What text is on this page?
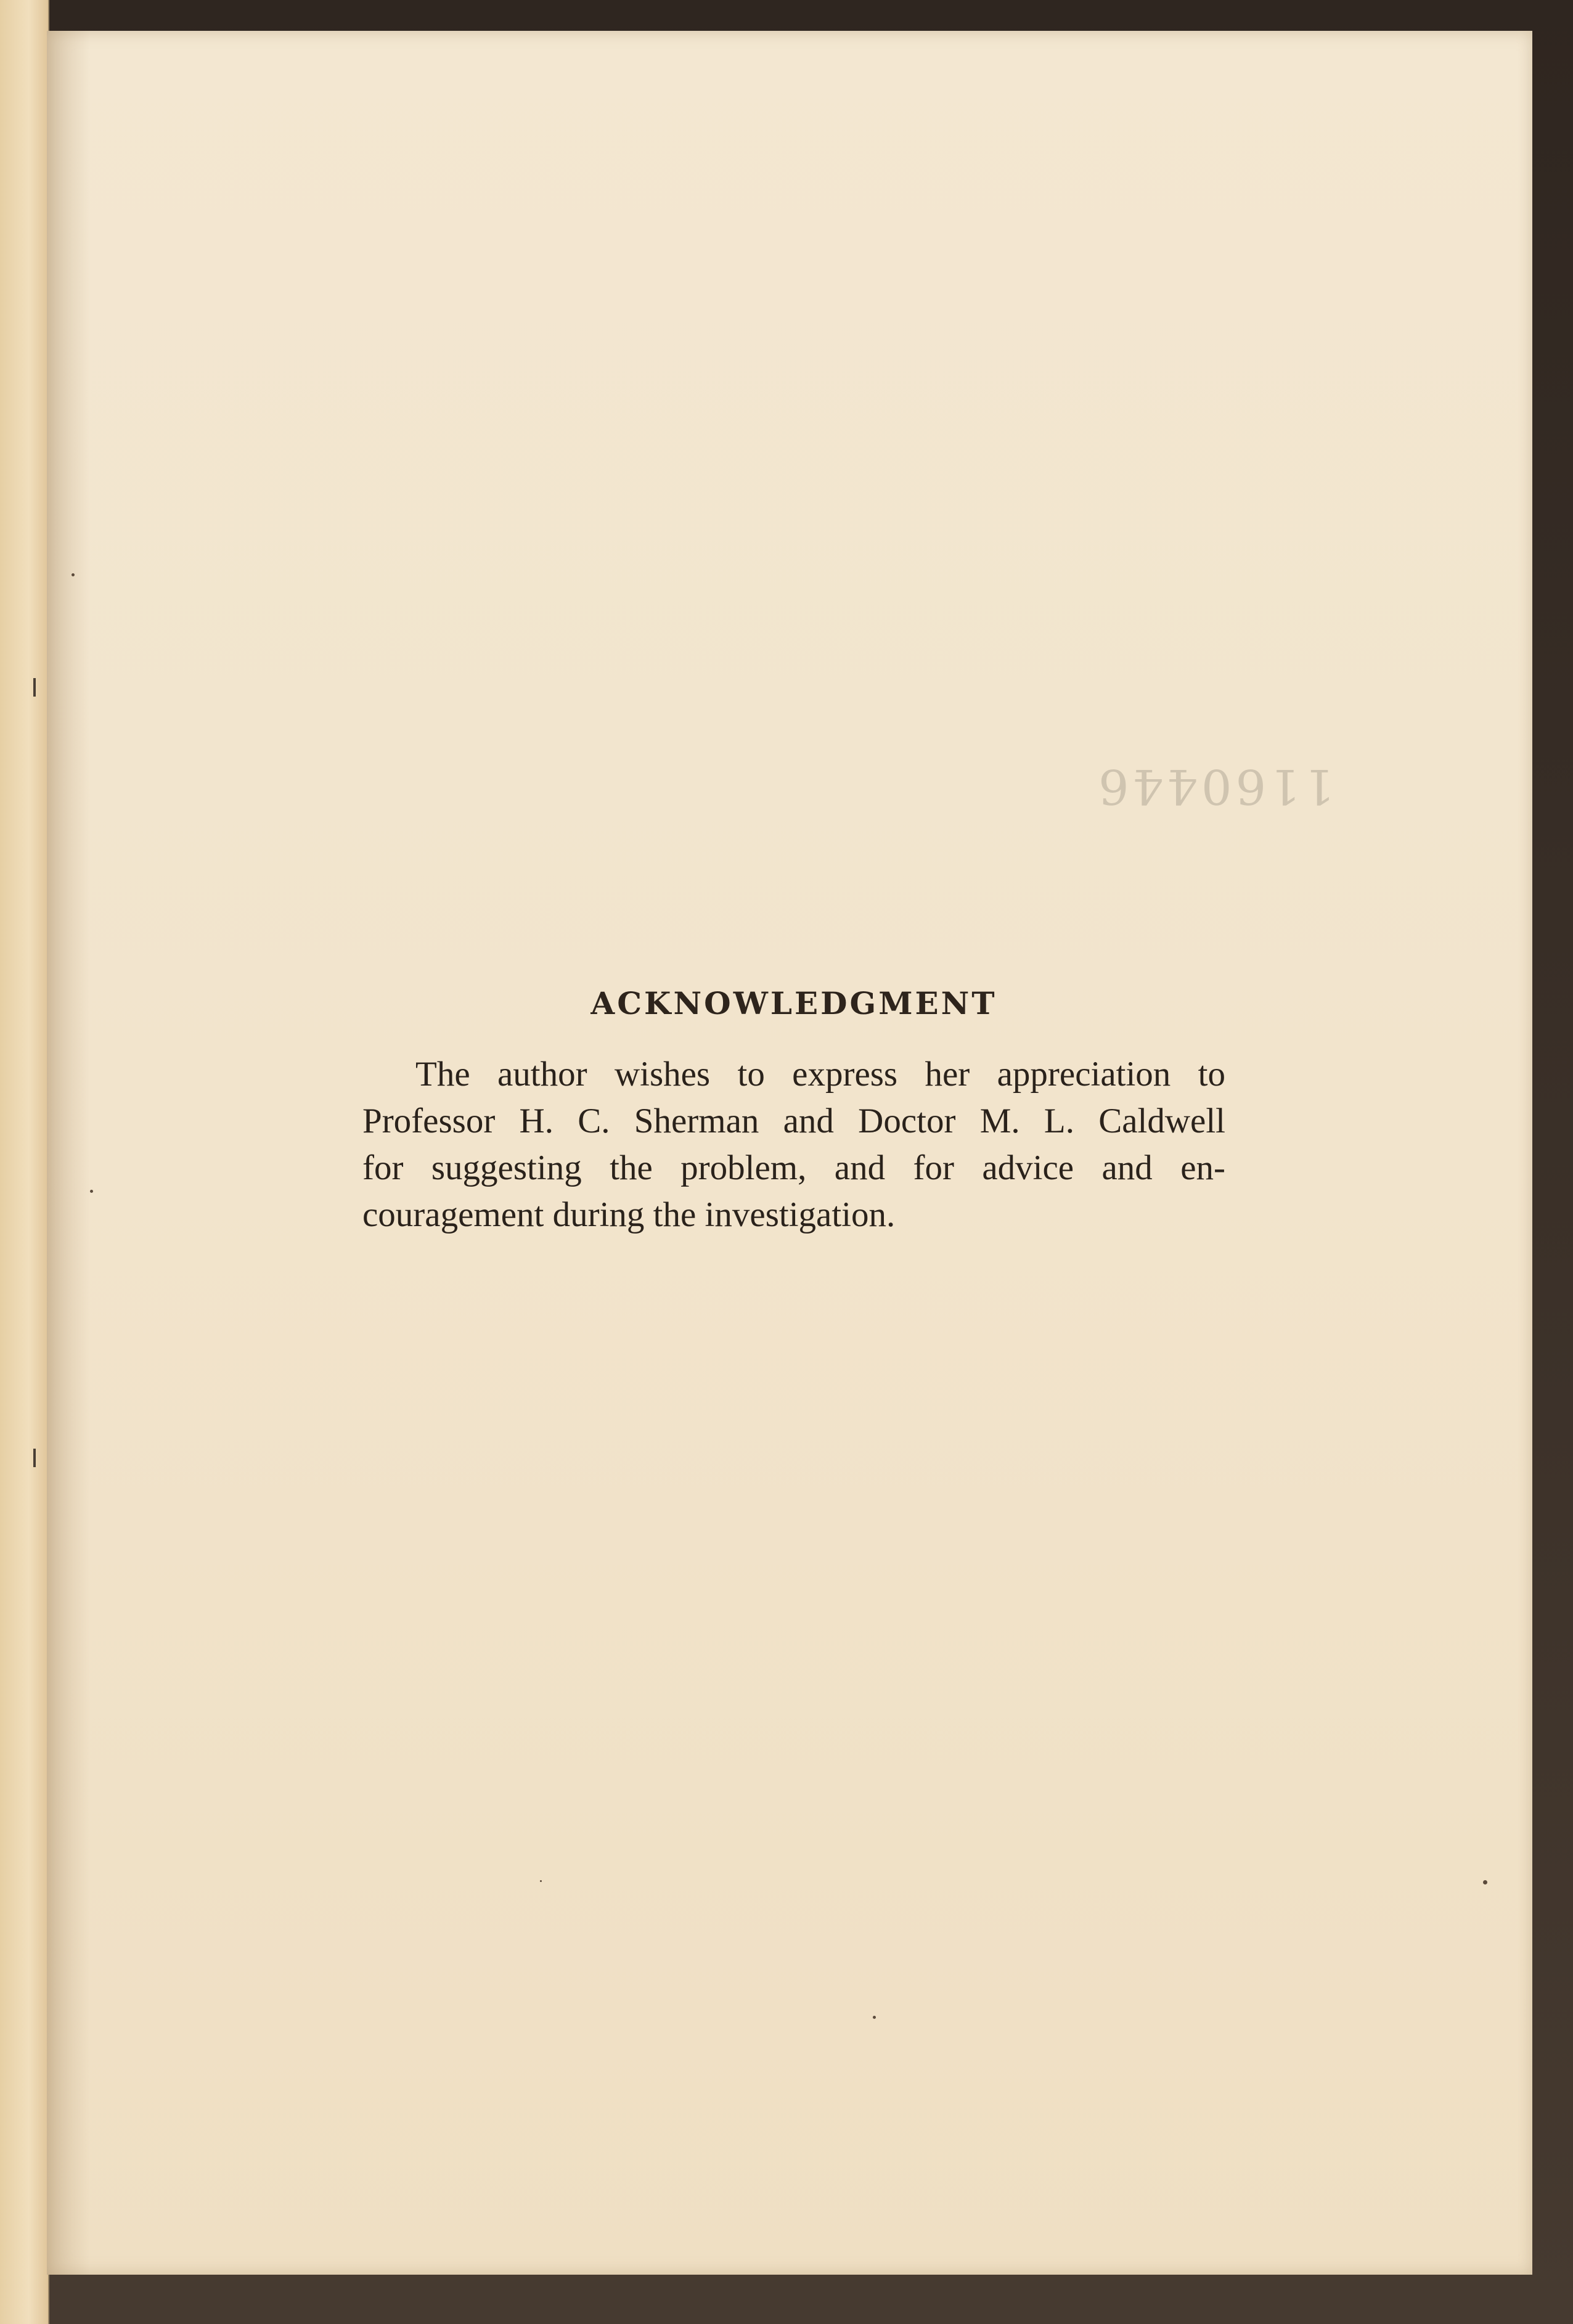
1160446
ACKNOWLEDGMENT

The author wishes to express her appreciation to
Professor H. C. Sherman and Doctor M. L. Caldwell
for suggesting the problem, and for advice and en-
couragement during the investigation.
